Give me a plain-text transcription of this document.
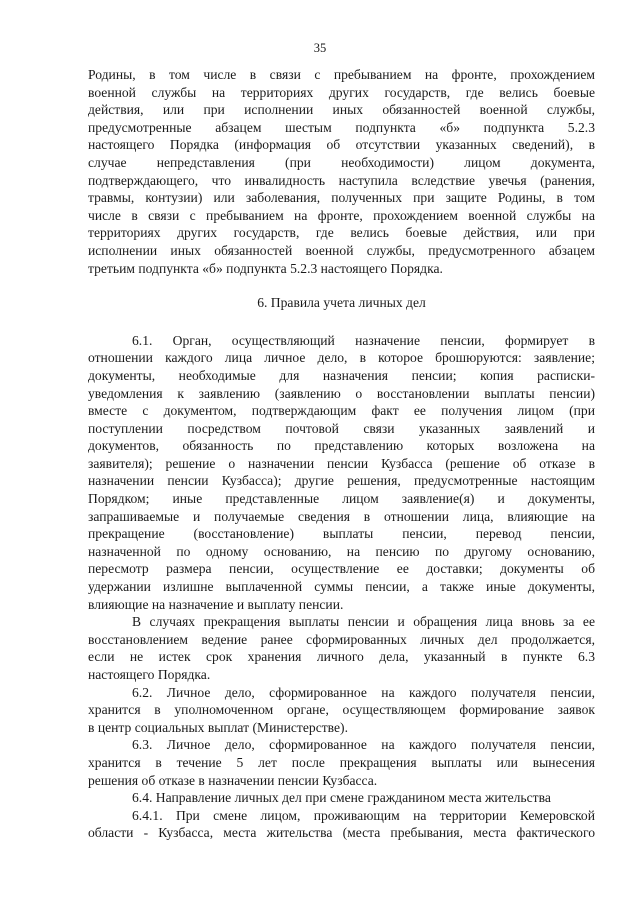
35
Родины, в том числе в связи с пребыванием на фронте, прохождением
военной службы на территориях других государств, где велись боевые
действия, или при исполнении иных обязанностей военной службы,
предусмотренные абзацем шестым подпункта «б» подпункта 5.2.3
настоящего Порядка (информация об отсутствии указанных сведений), в
случае непредставления (при необходимости) лицом документа,
подтверждающего, что инвалидность наступила вследствие увечья (ранения,
травмы, контузии) или заболевания, полученных при защите Родины, в том
числе в связи с пребыванием на фронте, прохождением военной службы на
территориях других государств, где велись боевые действия, или при
исполнении иных обязанностей военной службы, предусмотренного абзацем
третьим подпункта «б» подпункта 5.2.3 настоящего Порядка.
6. Правила учета личных дел
6.1. Орган, осуществляющий назначение пенсии, формирует в
отношении каждого лица личное дело, в которое брошюруются: заявление;
документы, необходимые для назначения пенсии; копия расписки-
уведомления к заявлению (заявлению о восстановлении выплаты пенсии)
вместе с документом, подтверждающим факт ее получения лицом (при
поступлении посредством почтовой связи указанных заявлений и
документов, обязанность по представлению которых возложена на
заявителя); решение о назначении пенсии Кузбасса (решение об отказе в
назначении пенсии Кузбасса); другие решения, предусмотренные настоящим
Порядком; иные представленные лицом заявление(я) и документы,
запрашиваемые и получаемые сведения в отношении лица, влияющие на
прекращение (восстановление) выплаты пенсии, перевод пенсии,
назначенной по одному основанию, на пенсию по другому основанию,
пересмотр размера пенсии, осуществление ее доставки; документы об
удержании излишне выплаченной суммы пенсии, а также иные документы,
влияющие на назначение и выплату пенсии.
В случаях прекращения выплаты пенсии и обращения лица вновь за ее
восстановлением ведение ранее сформированных личных дел продолжается,
если не истек срок хранения личного дела, указанный в пункте 6.3
настоящего Порядка.
6.2. Личное дело, сформированное на каждого получателя пенсии,
хранится в уполномоченном органе, осуществляющем формирование заявок
в центр социальных выплат (Министерстве).
6.3. Личное дело, сформированное на каждого получателя пенсии,
хранится в течение 5 лет после прекращения выплаты или вынесения
решения об отказе в назначении пенсии Кузбасса.
6.4. Направление личных дел при смене гражданином места жительства
6.4.1. При смене лицом, проживающим на территории Кемеровской
области - Кузбасса, места жительства (места пребывания, места фактического
